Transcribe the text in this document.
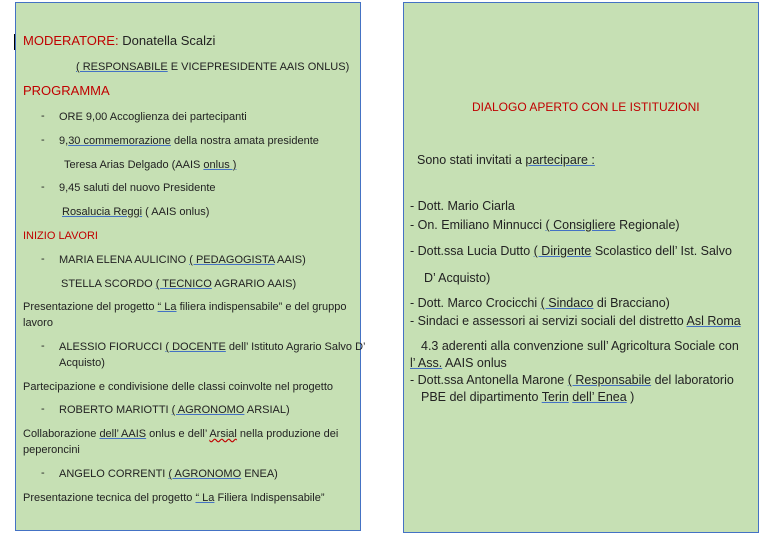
MODERATORE: Donatella Scalzi
( RESPONSABILE E VICEPRESIDENTE AAIS ONLUS)
PROGRAMMA
- ORE 9,00 Accoglienza dei partecipanti
- 9,30 commemorazione della nostra amata presidente
Teresa Arias Delgado (AAIS onlus )
- 9,45 saluti del nuovo Presidente
Rosalucia Reggi ( AAIS onlus)
INIZIO LAVORI
- MARIA ELENA AULICINO ( PEDAGOGISTA AAIS)
STELLA SCORDO ( TECNICO AGRARIO AAIS)
Presentazione del progetto “ La filiera indispensabile” e del gruppo
lavoro
- ALESSIO FIORUCCI ( DOCENTE dell’ Istituto Agrario Salvo D’
Acquisto)
Partecipazione e condivisione delle classi coinvolte nel progetto
- ROBERTO MARIOTTI ( AGRONOMO ARSIAL)
Collaborazione dell’ AAIS onlus e dell’ Arsial nella produzione dei
peperoncini
- ANGELO CORRENTI ( AGRONOMO ENEA)
Presentazione tecnica del progetto “ La Filiera Indispensabile”
DIALOGO APERTO CON LE ISTITUZIONI
Sono stati invitati a partecipare :
- Dott. Mario Ciarla
- On. Emiliano Minnucci ( Consigliere Regionale)
- Dott.ssa Lucia Dutto ( Dirigente Scolastico dell’ Ist. Salvo
D’ Acquisto)
- Dott. Marco Crocicchi ( Sindaco di Bracciano)
- Sindaci e assessori ai servizi sociali del distretto Asl Roma
4.3 aderenti alla convenzione sull’ Agricoltura Sociale con
l’ Ass. AAIS onlus
- Dott.ssa Antonella Marone ( Responsabile del laboratorio
PBE del dipartimento Terin dell’ Enea )
